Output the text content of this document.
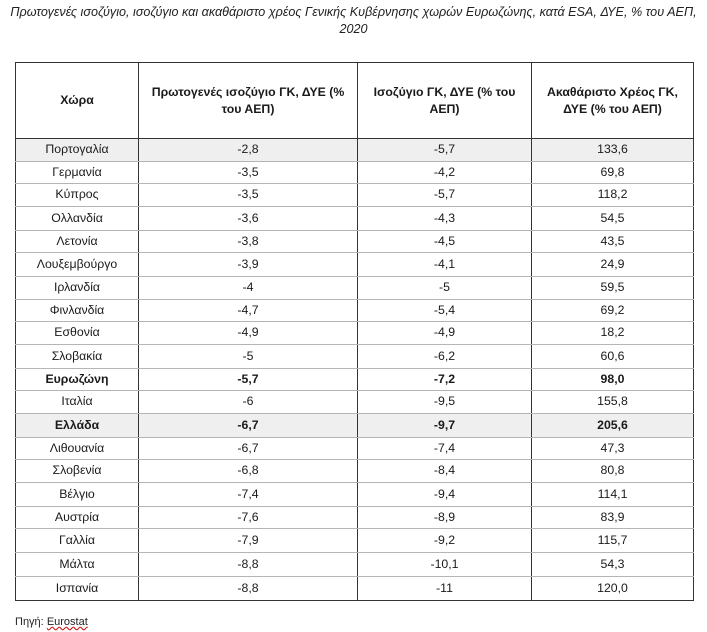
Πρωτογενές ισοζύγιο, ισοζύγιο και ακαθάριστο χρέος Γενικής Κυβέρνησης χωρών Ευρωζώνης, κατά ESA, ΔΥΕ, % του ΑΕΠ, 2020
Χώρα	Πρωτογενές ισοζύγιο ΓΚ, ΔΥΕ (% του ΑΕΠ)	Ισοζύγιο ΓΚ, ΔΥΕ (% του ΑΕΠ)	Ακαθάριστο Χρέος ΓΚ, ΔΥΕ (% του ΑΕΠ)
Πορτογαλία	-2,8	-5,7	133,6
Γερμανία	-3,5	-4,2	69,8
Κύπρος	-3,5	-5,7	118,2
Ολλανδία	-3,6	-4,3	54,5
Λετονία	-3,8	-4,5	43,5
Λουξεμβούργο	-3,9	-4,1	24,9
Ιρλανδία	-4	-5	59,5
Φινλανδία	-4,7	-5,4	69,2
Εσθονία	-4,9	-4,9	18,2
Σλοβακία	-5	-6,2	60,6
Ευρωζώνη	-5,7	-7,2	98,0
Ιταλία	-6	-9,5	155,8
Ελλάδα	-6,7	-9,7	205,6
Λιθουανία	-6,7	-7,4	47,3
Σλοβενία	-6,8	-8,4	80,8
Βέλγιο	-7,4	-9,4	114,1
Αυστρία	-7,6	-8,9	83,9
Γαλλία	-7,9	-9,2	115,7
Μάλτα	-8,8	-10,1	54,3
Ισπανία	-8,8	-11	120,0
Πηγή: Eurostat
